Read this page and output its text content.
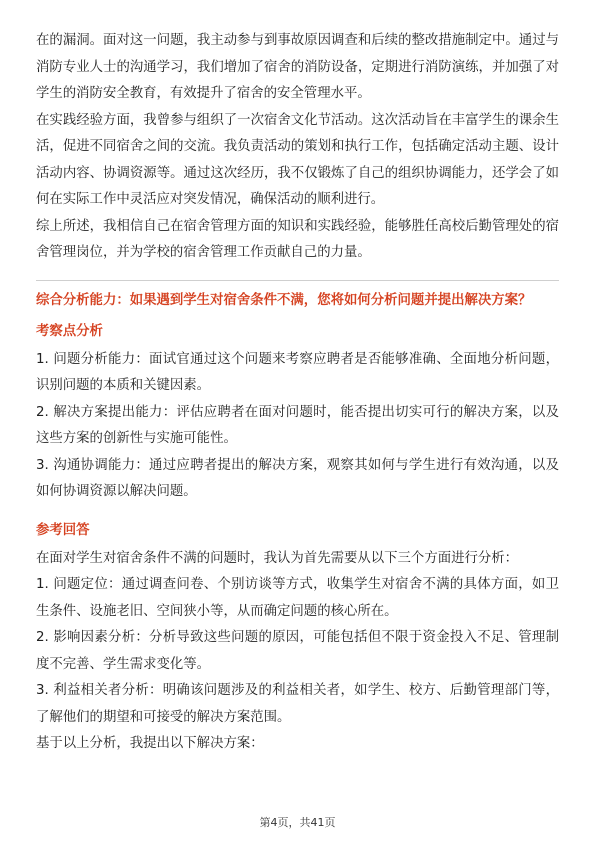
在的漏洞。面对这一问题，我主动参与到事故原因调查和后续的整改措施制定中。通过与消防专业人士的沟通学习，我们增加了宿舍的消防设备，定期进行消防演练，并加强了对学生的消防安全教育，有效提升了宿舍的安全管理水平。

在实践经验方面，我曾参与组织了一次宿舍文化节活动。这次活动旨在丰富学生的课余生活，促进不同宿舍之间的交流。我负责活动的策划和执行工作，包括确定活动主题、设计活动内容、协调资源等。通过这次经历，我不仅锻炼了自己的组织协调能力，还学会了如何在实际工作中灵活应对突发情况，确保活动的顺利进行。

综上所述，我相信自己在宿舍管理方面的知识和实践经验，能够胜任高校后勤管理处的宿舍管理岗位，并为学校的宿舍管理工作贡献自己的力量。

综合分析能力：如果遇到学生对宿舍条件不满，您将如何分析问题并提出解决方案？

考察点分析

1. 问题分析能力：面试官通过这个问题来考察应聘者是否能够准确、全面地分析问题，识别问题的本质和关键因素。

2. 解决方案提出能力：评估应聘者在面对问题时，能否提出切实可行的解决方案，以及这些方案的创新性与实施可能性。

3. 沟通协调能力：通过应聘者提出的解决方案，观察其如何与学生进行有效沟通，以及如何协调资源以解决问题。

参考回答

在面对学生对宿舍条件不满的问题时，我认为首先需要从以下三个方面进行分析：

1. 问题定位：通过调查问卷、个别访谈等方式，收集学生对宿舍不满的具体方面，如卫生条件、设施老旧、空间狭小等，从而确定问题的核心所在。

2. 影响因素分析：分析导致这些问题的原因，可能包括但不限于资金投入不足、管理制度不完善、学生需求变化等。

3. 利益相关者分析：明确该问题涉及的利益相关者，如学生、校方、后勤管理部门等，了解他们的期望和可接受的解决方案范围。

基于以上分析，我提出以下解决方案：

第4页，共41页
